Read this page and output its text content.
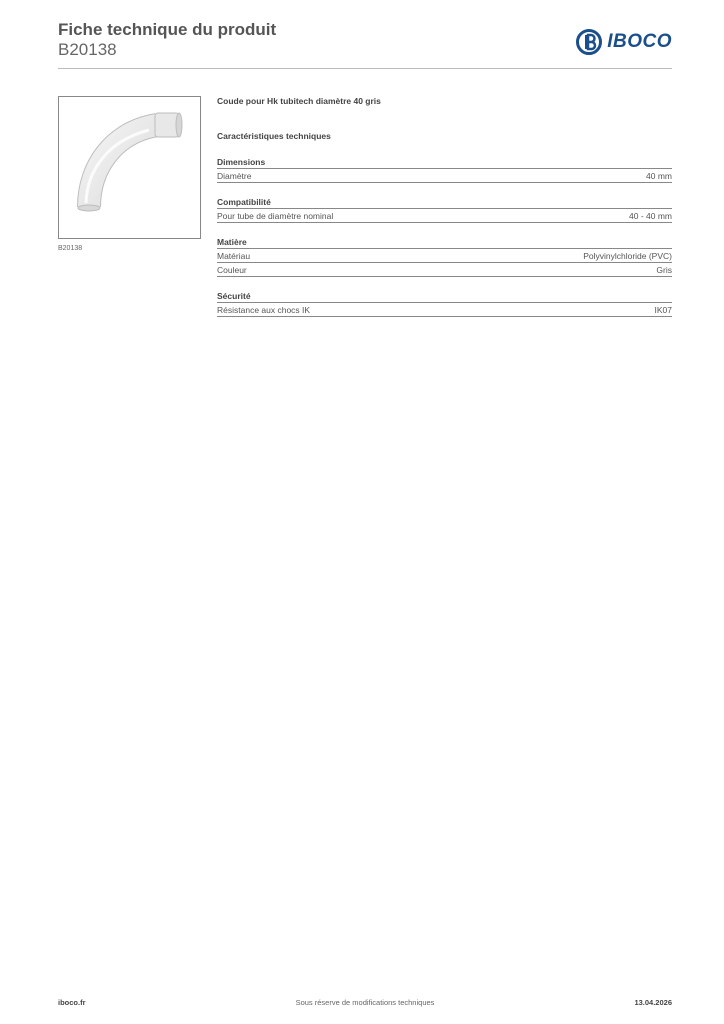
Fiche technique du produit
B20138	IBOCO
B20138
Coude pour Hk tubitech diamètre 40 gris
Caractéristiques techniques
Dimensions
Diamètre	40 mm
Compatibilité
Pour tube de diamètre nominal	40 - 40 mm
Matière
Matériau	Polyvinylchloride (PVC)
Couleur	Gris
Sécurité
Résistance aux chocs IK	IK07
iboco.fr	Sous réserve de modifications techniques	13.04.2026
